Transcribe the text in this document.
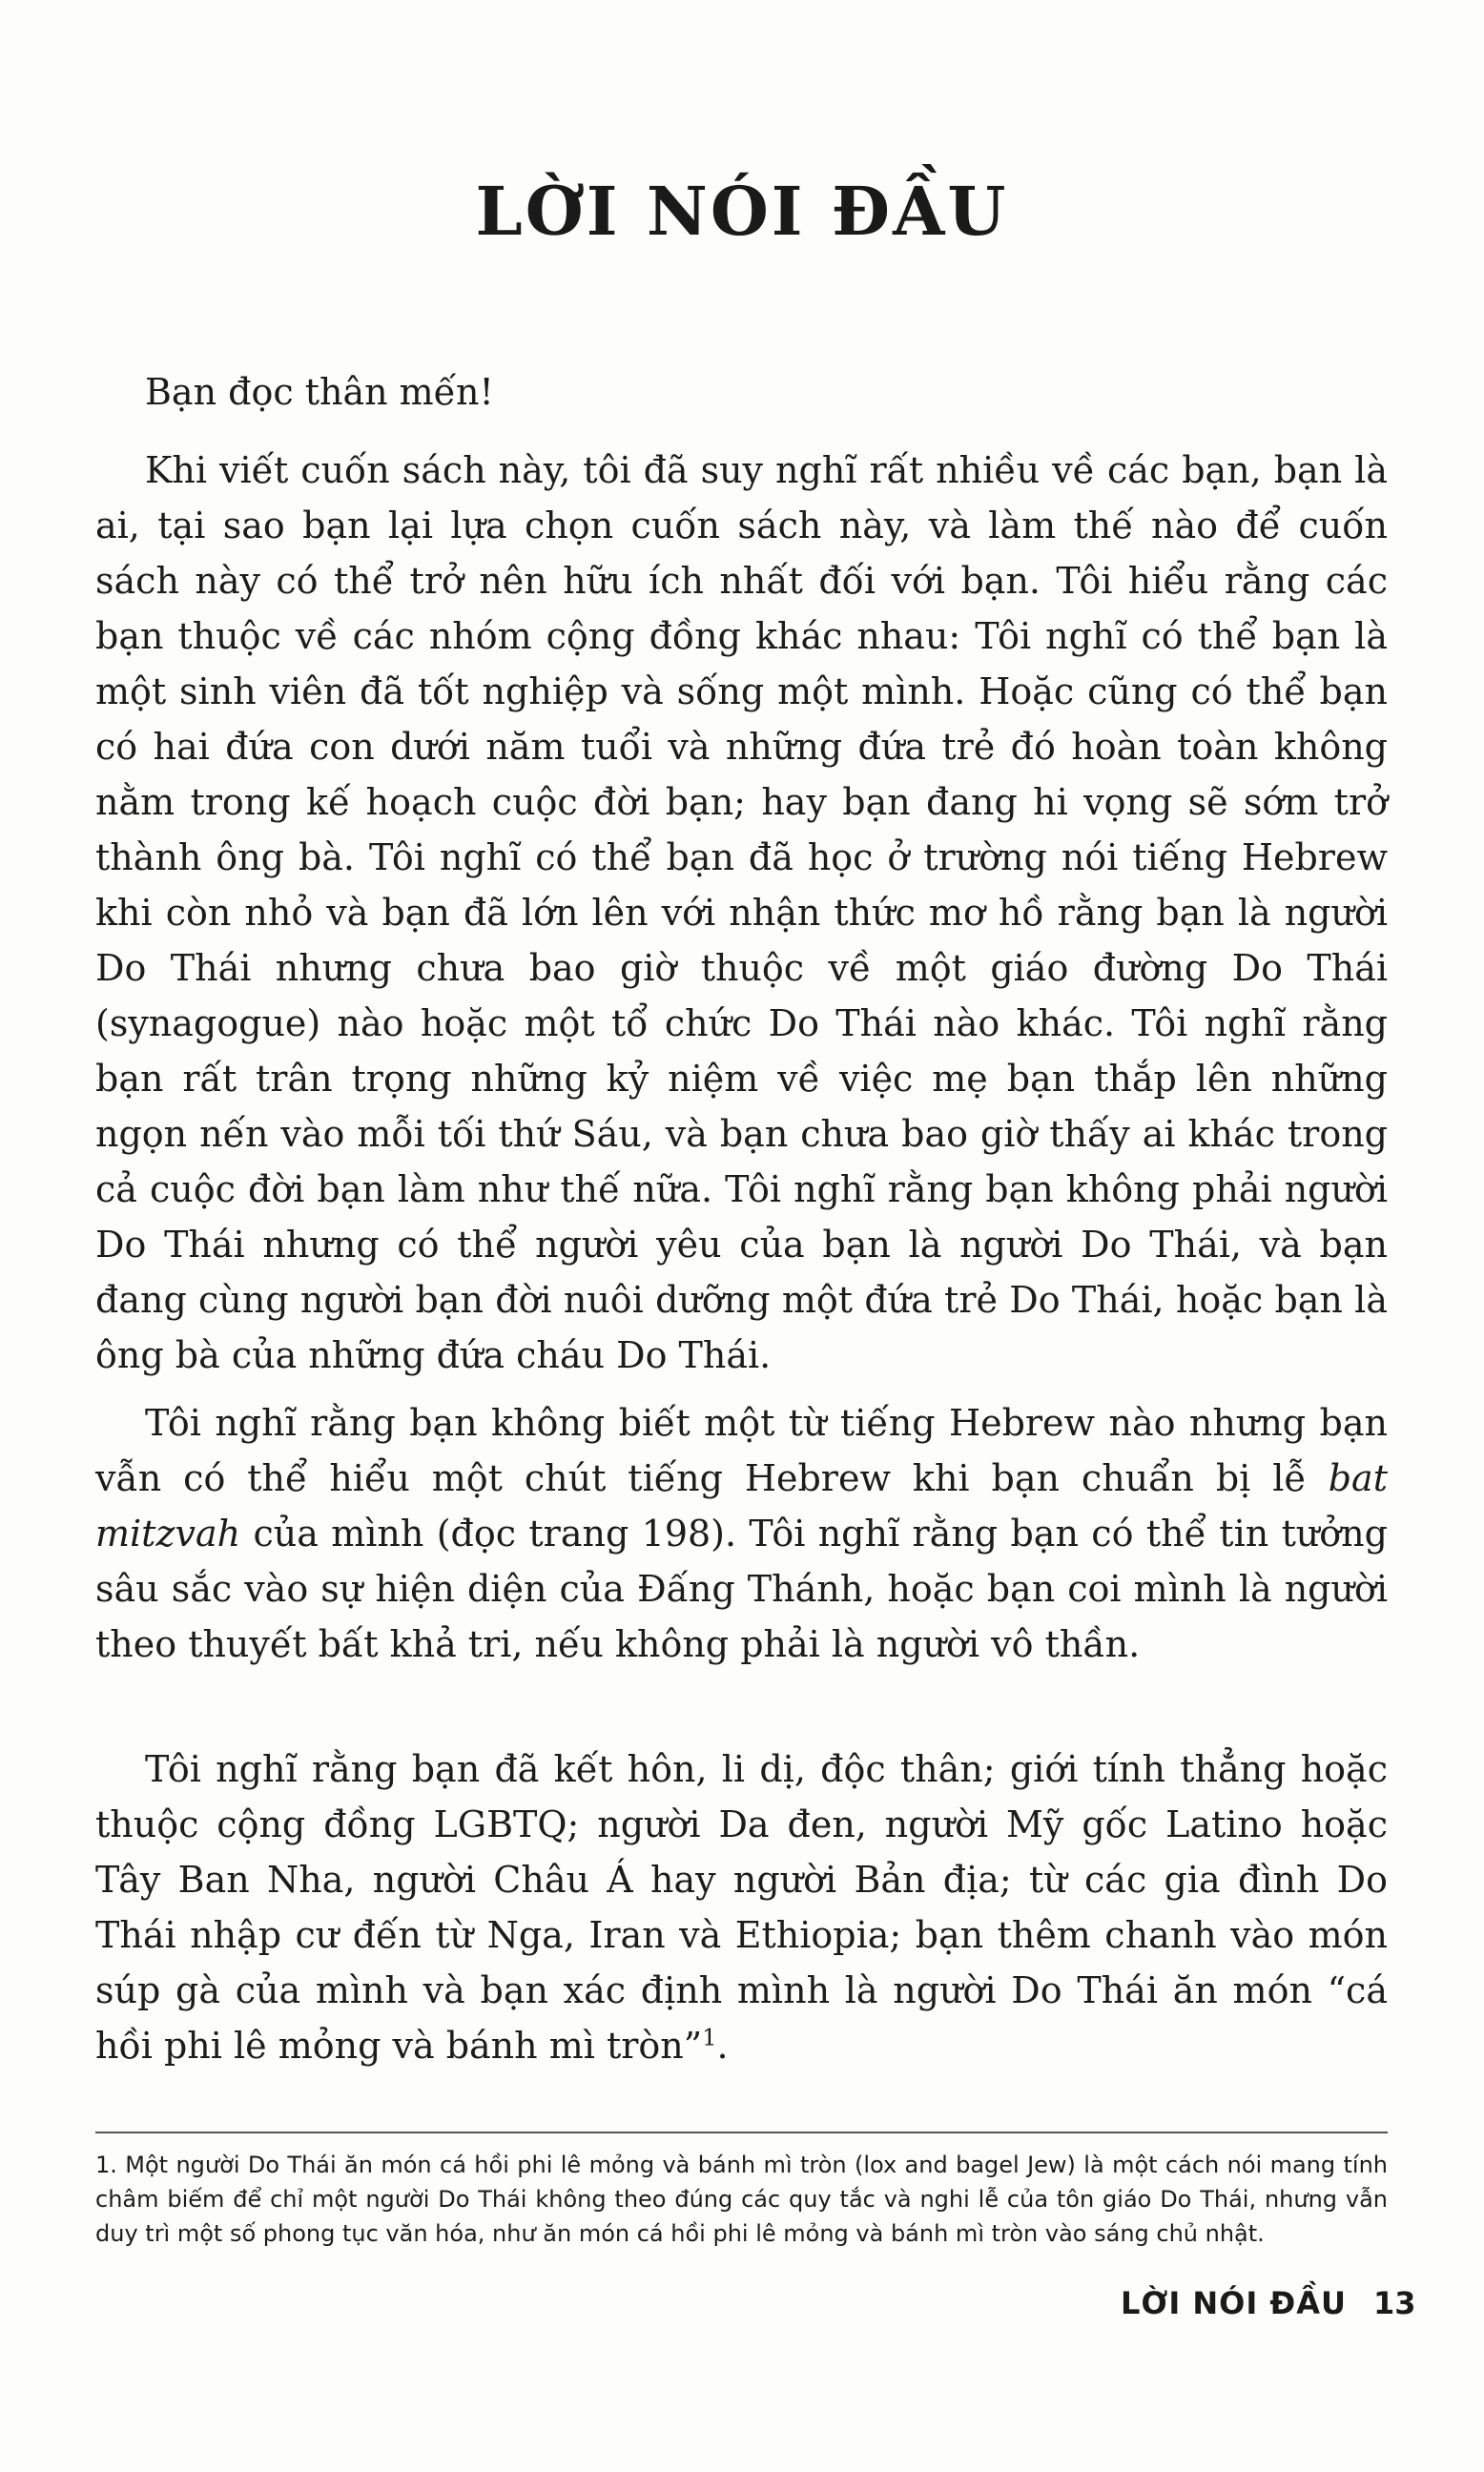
LỜI NÓI ĐẦU

Bạn đọc thân mến!

Khi viết cuốn sách này, tôi đã suy nghĩ rất nhiều về các bạn, bạn là ai, tại sao bạn lại lựa chọn cuốn sách này, và làm thế nào để cuốn sách này có thể trở nên hữu ích nhất đối với bạn. Tôi hiểu rằng các bạn thuộc về các nhóm cộng đồng khác nhau: Tôi nghĩ có thể bạn là một sinh viên đã tốt nghiệp và sống một mình. Hoặc cũng có thể bạn có hai đứa con dưới năm tuổi và những đứa trẻ đó hoàn toàn không nằm trong kế hoạch cuộc đời bạn; hay bạn đang hi vọng sẽ sớm trở thành ông bà. Tôi nghĩ có thể bạn đã học ở trường nói tiếng Hebrew khi còn nhỏ và bạn đã lớn lên với nhận thức mơ hồ rằng bạn là người Do Thái nhưng chưa bao giờ thuộc về một giáo đường Do Thái (synagogue) nào hoặc một tổ chức Do Thái nào khác. Tôi nghĩ rằng bạn rất trân trọng những kỷ niệm về việc mẹ bạn thắp lên những ngọn nến vào mỗi tối thứ Sáu, và bạn chưa bao giờ thấy ai khác trong cả cuộc đời bạn làm như thế nữa. Tôi nghĩ rằng bạn không phải người Do Thái nhưng có thể người yêu của bạn là người Do Thái, và bạn đang cùng người bạn đời nuôi dưỡng một đứa trẻ Do Thái, hoặc bạn là ông bà của những đứa cháu Do Thái.

Tôi nghĩ rằng bạn không biết một từ tiếng Hebrew nào nhưng bạn vẫn có thể hiểu một chút tiếng Hebrew khi bạn chuẩn bị lễ bat mitzvah của mình (đọc trang 198). Tôi nghĩ rằng bạn có thể tin tưởng sâu sắc vào sự hiện diện của Đấng Thánh, hoặc bạn coi mình là người theo thuyết bất khả tri, nếu không phải là người vô thần.

Tôi nghĩ rằng bạn đã kết hôn, li dị, độc thân; giới tính thẳng hoặc thuộc cộng đồng LGBTQ; người Da đen, người Mỹ gốc Latino hoặc Tây Ban Nha, người Châu Á hay người Bản địa; từ các gia đình Do Thái nhập cư đến từ Nga, Iran và Ethiopia; bạn thêm chanh vào món súp gà của mình và bạn xác định mình là người Do Thái ăn món “cá hồi phi lê mỏng và bánh mì tròn”$^1$.

1. Một người Do Thái ăn món cá hồi phi lê mỏng và bánh mì tròn (lox and bagel Jew) là một cách nói mang tính châm biếm để chỉ một người Do Thái không theo đúng các quy tắc và nghi lễ của tôn giáo Do Thái, nhưng vẫn duy trì một số phong tục văn hóa, như ăn món cá hồi phi lê mỏng và bánh mì tròn vào sáng chủ nhật.

LỜI NÓI ĐẦU 13
